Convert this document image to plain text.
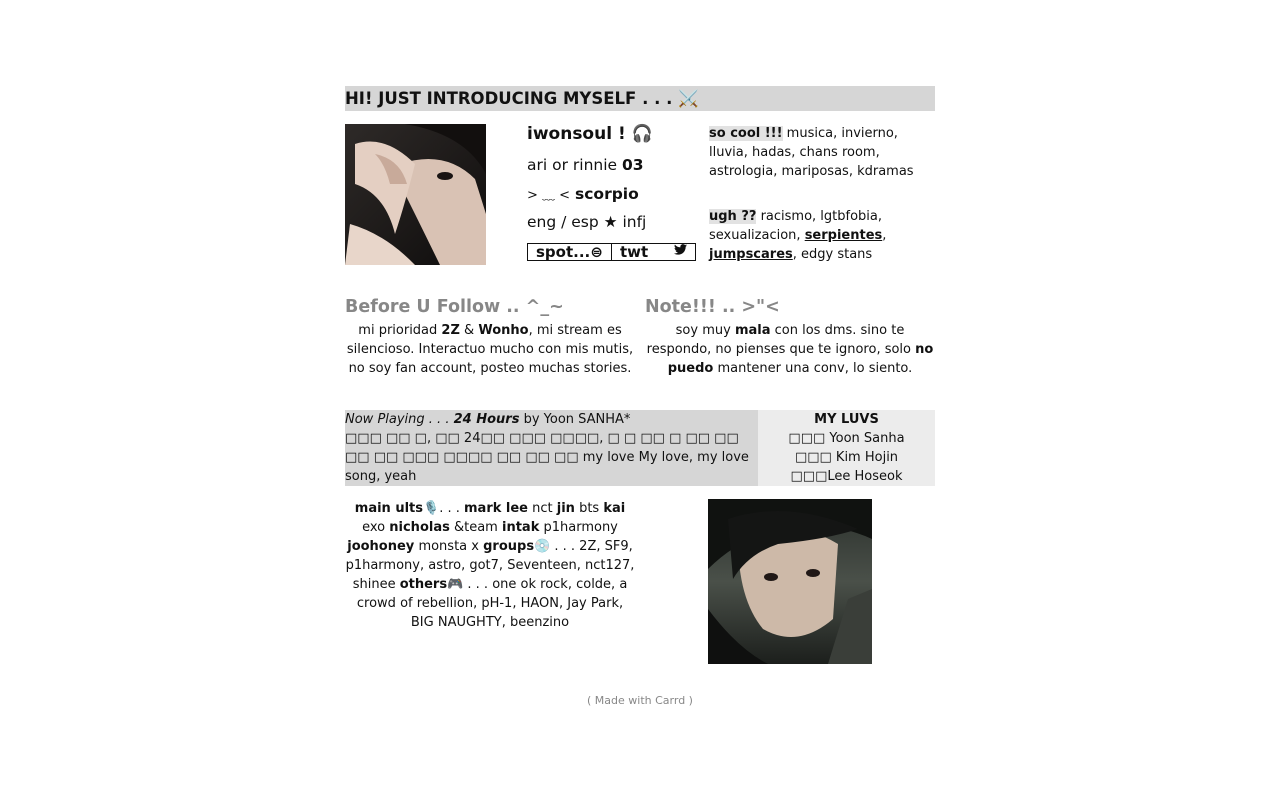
HI! JUST INTRODUCING MYSELF . . . ⚔️
iwonsoul ! 🎧
ari or rinnie 03
> ﹏ < scorpio
eng / esp ★ infj
spot... ⊜ twt
so cool !!! musica, invierno, lluvia, hadas, chans room, astrologia, mariposas, kdramas
ugh ?? racismo, lgtbfobia, sexualizacion, serpientes, jumpscares, edgy stans
Before U Follow .. ^_~
mi prioridad 2Z & Wonho, mi stream es silencioso. Interactuo mucho con mis mutis, no soy fan account, posteo muchas stories.
Note!!! .. >"<
soy muy mala con los dms. sino te respondo, no pienses que te ignoro, solo no puedo mantener una conv, lo siento.
Now Playing . . . 24 Hours by Yoon SANHA*
□□□ □□ □, □□ 24□□ □□□ □□□□, □ □ □□ □ □□ □□ □□ □□ □□□ □□□□ □□ □□ □□ my love My love, my love song, yeah
MY LUVS
□□□ Yoon Sanha
□□□ Kim Hojin
□□□Lee Hoseok
main ults🎙️. . . mark lee nct jin bts kai exo nicholas &team intak p1harmony joohoney monsta x groups💿 . . . 2Z, SF9, p1harmony, astro, got7, Seventeen, nct127, shinee others🎮 . . . one ok rock, colde, a crowd of rebellion, pH-1, HAON, Jay Park, BIG NAUGHTY, beenzino
( Made with Carrd )
